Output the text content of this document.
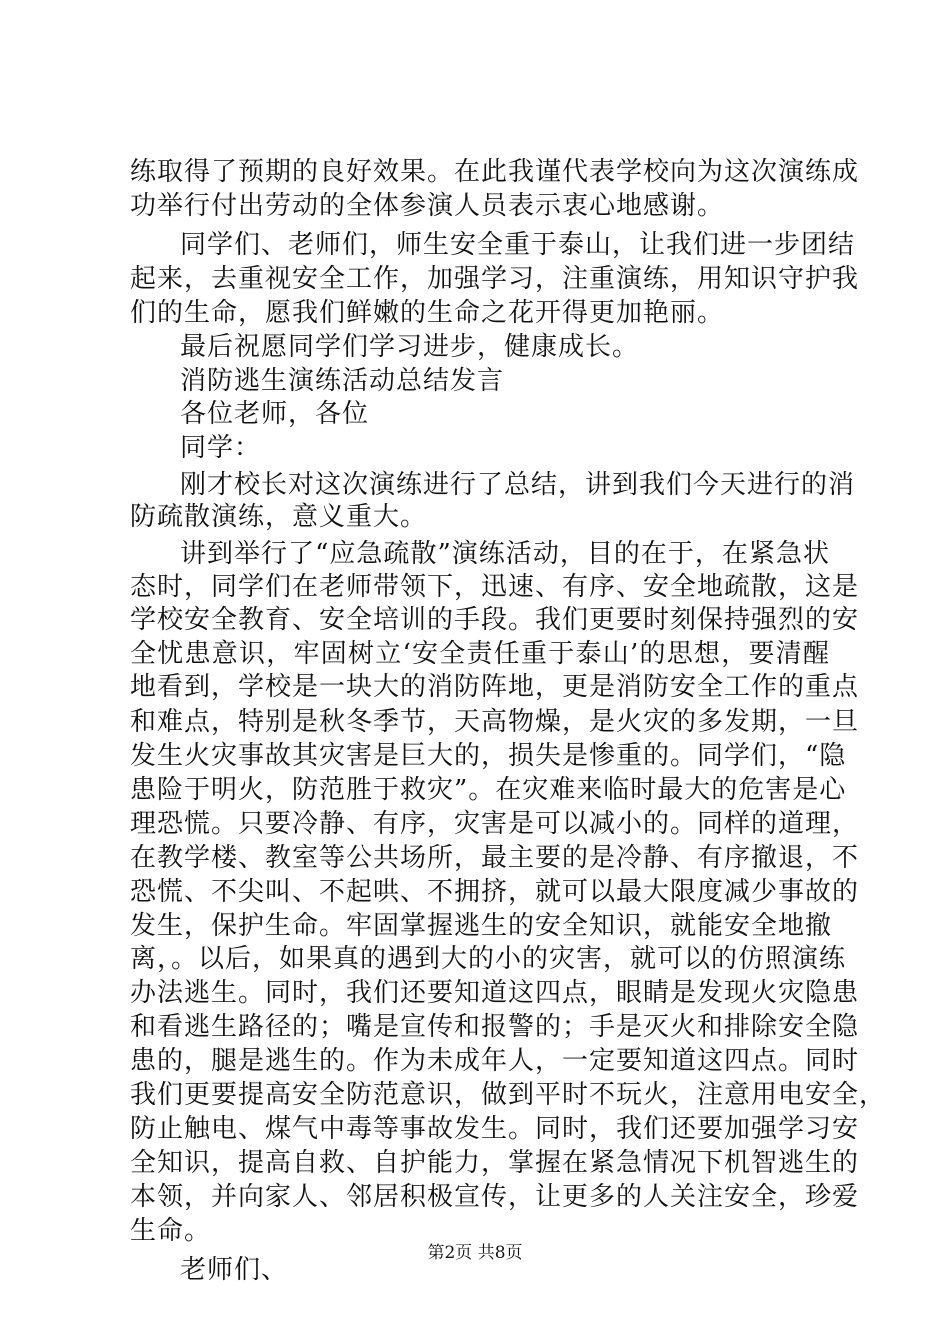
练取得了预期的良好效果。在此我谨代表学校向为这次演练成
功举行付出劳动的全体参演人员表示衷心地感谢。
同学们、老师们，师生安全重于泰山，让我们进一步团结
起来，去重视安全工作，加强学习，注重演练，用知识守护我
们的生命，愿我们鲜嫩的生命之花开得更加艳丽。
最后祝愿同学们学习进步，健康成长。
消防逃生演练活动总结发言
各位老师，各位
同学：
刚才校长对这次演练进行了总结，讲到我们今天进行的消
防疏散演练，意义重大。
讲到举行了“应急疏散”演练活动，目的在于，在紧急状
态时，同学们在老师带领下，迅速、有序、安全地疏散，这是
学校安全教育、安全培训的手段。我们更要时刻保持强烈的安
全忧患意识，牢固树立‘安全责任重于泰山’的思想，要清醒
地看到，学校是一块大的消防阵地，更是消防安全工作的重点
和难点，特别是秋冬季节，天高物燥，是火灾的多发期，一旦
发生火灾事故其灾害是巨大的，损失是惨重的。同学们，“隐
患险于明火，防范胜于救灾”。在灾难来临时最大的危害是心
理恐慌。只要冷静、有序，灾害是可以减小的。同样的道理，
在教学楼、教室等公共场所，最主要的是冷静、有序撤退，不
恐慌、不尖叫、不起哄、不拥挤，就可以最大限度减少事故的
发生，保护生命。牢固掌握逃生的安全知识，就能安全地撤
离，。以后，如果真的遇到大的小的灾害，就可以的仿照演练
办法逃生。同时，我们还要知道这四点，眼睛是发现火灾隐患
和看逃生路径的；嘴是宣传和报警的；手是灭火和排除安全隐
患的，腿是逃生的。作为未成年人，一定要知道这四点。同时
我们更要提高安全防范意识，做到平时不玩火，注意用电安全，
防止触电、煤气中毒等事故发生。同时，我们还要加强学习安
全知识，提高自救、自护能力，掌握在紧急情况下机智逃生的
本领，并向家人、邻居积极宣传，让更多的人关注安全，珍爱
生命。
老师们、
第2页 共8页
